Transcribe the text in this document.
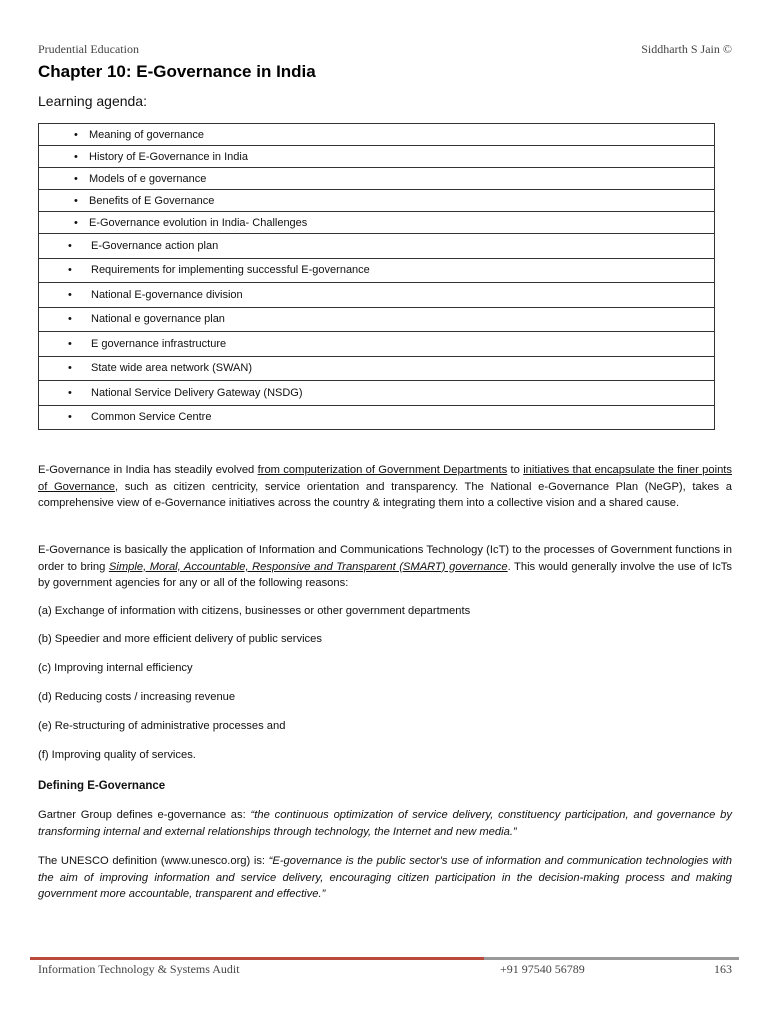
Prudential Education	Siddharth S Jain ©
Chapter 10: E-Governance in India

Learning agenda:

• Meaning of governance

• History of E-Governance in India

• Models of e governance

• Benefits of E Governance

• E-Governance evolution in India- Challenges

• E-Governance action plan

• Requirements for implementing successful E-governance

• National E-governance division

• National e governance plan

• E governance infrastructure

• State wide area network (SWAN)

• National Service Delivery Gateway (NSDG)

• Common Service Centre

E-Governance in India has steadily evolved from computerization of Government Departments to initiatives that encapsulate the finer points of Governance, such as citizen centricity, service orientation and transparency. The National e-Governance Plan (NeGP), takes a comprehensive view of e-Governance initiatives across the country & integrating them into a collective vision and a shared cause.

E-Governance is basically the application of Information and Communications Technology (IcT) to the processes of Government functions in order to bring Simple, Moral, Accountable, Responsive and Transparent (SMART) governance. This would generally involve the use of IcTs by government agencies for any or all of the following reasons:

(a) Exchange of information with citizens, businesses or other government departments

(b) Speedier and more efficient delivery of public services

(c) Improving internal efficiency

(d) Reducing costs / increasing revenue

(e) Re-structuring of administrative processes and

(f) Improving quality of services.

Defining E-Governance

Gartner Group defines e-governance as: “the continuous optimization of service delivery, constituency participation, and governance by transforming internal and external relationships through technology, the Internet and new media.”

The UNESCO definition (www.unesco.org) is: “E-governance is the public sector's use of information and communication technologies with the aim of improving information and service delivery, encouraging citizen participation in the decision-making process and making government more accountable, transparent and effective.”

Information Technology & Systems Audit	+91 97540 56789	163
